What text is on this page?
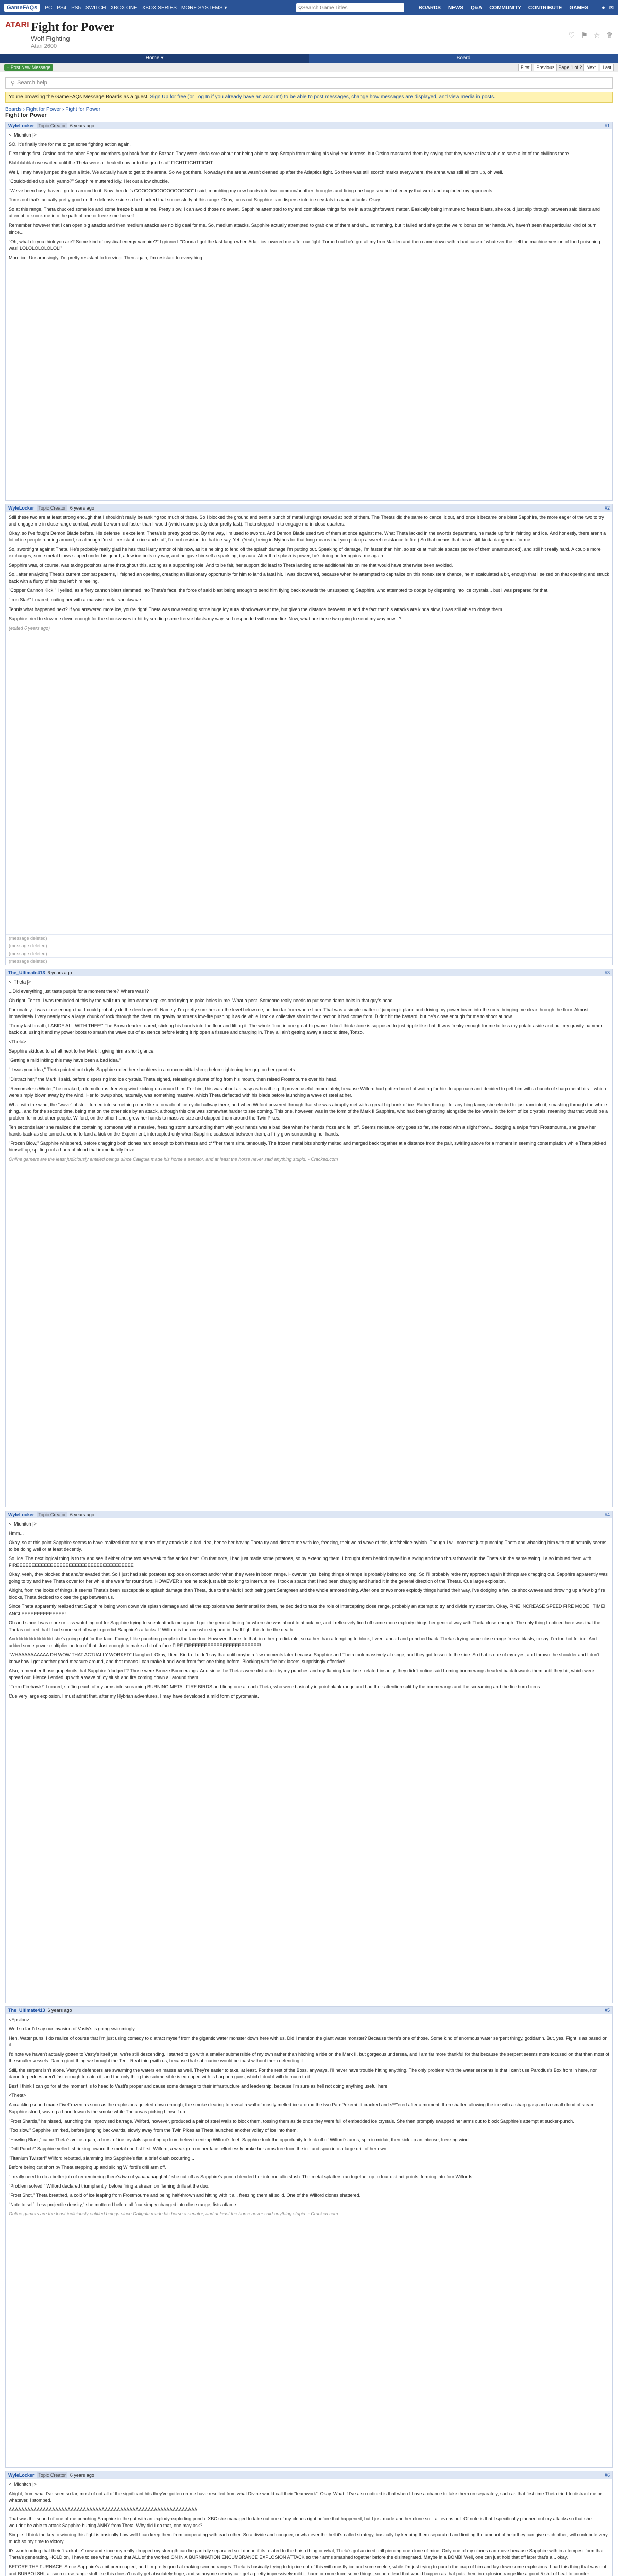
GameFAQs	PC PS4 PS5 SWITCH XBOX ONE XBOX SERIES MORE SYSTEMS ▾	⚲
Search Game Titles	BOARDS NEWS Q&A COMMUNITY CONTRIBUTE GAMES ● ✉
ATARI Fight for Power
Wolf Fighting
Atari 2600
♡ ⚑ ☆ ♛
Home ▾	Board
+ Post New Message	First	Previous Page 1 of 2 Next	Last
⚲ Search help
You're browsing the GameFAQs Message Boards as a guest. Sign Up for free (or Log In if you already have an account) to be able to post messages, change how messages are displayed, and view media in posts.
Boards › Fight for Power › Fight for Power
Fight for Power
WyleLocker Topic Creator 6 years ago	#1

<| Midnitch |>

SO. It's finally time for me to get some fighting action again.

First things first, Orsino and the other Sepad members got back from the Bazaar. They were kinda sore about not being able to stop Seraph from making his vinyl-end fortress, but Orsino reassured them by saying that they were at least able to save a lot of the civilians there.

Blahblahblah we waited until the Theta were all healed now onto the good stuff FIGHTFIGHTFIGHT

Well, I may have jumped the gun a little. We actually have to get to the arena. So we got there. Nowadays the arena wasn't cleaned up after the Adaptics fight. So there was still scorch marks everywhere, the arena was still all torn up, oh well.

"Couldo-tidied up a bit, yanno?" Sapphire muttered idly. I let out a low chuckle.

"We've been busy, haven't gotten around to it. Now then let's GOOOOOOOOOOOOOOO" I said, mumbling my new hands into two common/another throngles and firing one huge sea bolt of energy that went and exploded my opponents.

Turns out that's actually pretty good on the defensive side so he blocked that successfully at this range. Okay, turns out Sapphire can disperse into ice crystals to avoid attacks. Okay.

So at this range, Theta chucked some ice and some freeze blasts at me. Pretty slow; I can avoid those no sweat. Sapphire attempted to try and complicate things for me in a straightforward matter. Basically being immune to freeze blasts, she could just slip through between said blasts and attempt to knock me into the path of one or freeze me herself.

Remember however that I can open big attacks and then medium attacks are no big deal for me. So, medium attacks. Sapphire actually attempted to grab one of them and uh... something, but it failed and she got the weird bonus on her hands. Ah, haven't seen that particular kind of burn since...

"Oh, what do you think you are? Some kind of mystical energy vampire?" I grinned. "Gonna I got the last laugh when Adaptics lowered me after our fight. Turned out he'd got all my Iron Maiden and then came down with a bad case of whatever the hell the machine version of food poisoning was! LOLOLOLOLOLOL!"

More ice. Unsurprisingly, I'm pretty resistant to freezing. Then again, I'm resistant to everything.

WyleLocker Topic Creator 6 years ago	#2

Still these two are at least strong enough that I shouldn't really be tanking too much of those. So I blocked the ground and sent a bunch of metal lungings toward at both of them. The Thetas did the same to cancel it out, and once it became one blast Sapphire, the more eager of the two to try and engage me in close-range combat, would be worn out faster than I would (which came pretty clear pretty fast). Theta stepped in to engage me in close quarters.

Okay, so I've fought Demon Blade before. His defense is excellent. Theta's is pretty good too. By the way, I'm used to swords. And Demon Blade used two of them at once against me. What Theta lacked in the swords department, he made up for in feinting and ice. And honestly, there aren't a lot of ice people running around, so although I'm still resistant to ice and stuff, I'm not resistant to that ice say. Yet. (Yeah, being in Mythos for that long means that you pick up a sweet resistance to fire.) So that means that this is still kinda dangerous for me.

So, swordfight against Theta. He's probably really glad he has that Harry armor of his now, as it's helping to fend off the splash damage I'm putting out. Speaking of damage, I'm faster than him, so strike at multiple spaces (some of them unannounced), and still hit really hard. A couple more exchanges, some metal blows slipped under his guard, a few ice bolts my way, and he gave himself a sparkling, icy aura. After that splash is power, he's doing better against me again.

Sapphire was, of course, was taking potshots at me throughout this, acting as a supporting role. And to be fair, her support did lead to Theta landing some additional hits on me that would have otherwise been avoided.

So...after analyzing Theta's current combat patterns, I feigned an opening, creating an illusionary opportunity for him to land a fatal hit. I was discovered, because when he attempted to capitalize on this nonexistent chance, he miscalculated a bit, enough that I seized on that opening and struck back with a flurry of hits that left him reeling.

"Copper Cannon Kick!" I yelled, as a fiery cannon blast slammed into Theta's face, the force of said blast being enough to send him flying back towards the unsuspecting Sapphire, who attempted to dodge by dispersing into ice crystals... but I was prepared for that.

"Iron Star!" I roared, nailing her with a massive metal shockwave.

Tennis what happened next? If you answered more ice, you're right! Theta was now sending some huge icy aura shockwaves at me, but given the distance between us and the fact that his attacks are kinda slow, I was still able to dodge them.

Sapphire tried to slow me down enough for the shockwaves to hit by sending some freeze blasts my way, so I responded with some fire. Now, what are these two going to send my way now...?

(edited 6 years ago)
(message deleted)
(message deleted)
(message deleted)
(message deleted)
The_Ultimate413 6 years ago	#3

<| Theta |>

...Did everything just taste purple for a moment there? Where was I?

Oh right, Tonzo. I was reminded of this by the wall turning into earthen spikes and trying to poke holes in me. What a pest. Someone really needs to put some damn bolts in that guy's head.

Fortunately, I was close enough that I could probably do the deed myself. Namely, I'm pretty sure he's on the level below me, not too far from where I am. That was a simple matter of jumping it plane and driving my power beam into the rock, bringing me clear through the floor. Almost immediately I very nearly took a large chunk of rock through the chest, my gravity hammer's low-fire pushing it aside while I took a collective shot in the direction it had come from. Didn't hit the bastard, but he's close enough for me to shoot at now.

"To my last breath, I ABIDE ALL WITH THEE!" The Brown leader roared, sticking his hands into the floor and lifting it. The whole floor, in one great big wave. I don't think stone is supposed to just ripple like that. It was freaky enough for me to toss my potato aside and pull my gravity hammer back out, using it and my power boots to smash the wave out of existence before letting it rip open a fissure and charging in. They all ain't getting away a second time, Tonzo.

<Theta>

Sapphire skidded to a halt next to her Mark I, giving him a short glance.

"Getting a mild inkling this may have been a bad idea."

"It was your idea," Theta pointed out dryly. Sapphire rolled her shoulders in a noncommittal shrug before tightening her grip on her gauntlets.

"Distract her," the Mark II said, before dispersing into ice crystals. Theta sighed, releasing a plume of fog from his mouth, then raised Frostmourne over his head.

"Remorseless Winter," he croaked, a tumultuous, freezing wind kicking up around him. For him, this was about as easy as breathing. It proved useful immediately, because Wilford had gotten bored of waiting for him to approach and decided to pelt him with a bunch of sharp metal bits... which were simply blown away by the wind. Her followup shot, naturally, was something massive, which Theta deflected with his blade before launching a wave of steel at her.

What with the wind, the "wave" of steel turned into something more like a tornado of ice cyclic halfway there, and when Wilford powered through that she was abruptly met with a great big hunk of ice. Rather than go for anything fancy, she elected to just ram into it, smashing through the whole thing... and for the second time, being met on the other side by an attack, although this one was somewhat harder to see coming. This one, however, was in the form of the Mark II Sapphire, who had been ghosting alongside the ice wave in the form of ice crystals, meaning that that would be a problem for most other people. Wilford, on the other hand, grew her hands to massive size and clapped them around the Twin Pikes.

Ten seconds later she realized that containing someone with a massive, freezing storm surrounding them with your hands was a bad idea when her hands froze and fell off. Seems moisture only goes so far, she noted with a slight frown... dodging a swipe from Frostmourne, she grew her hands back as she turned around to land a kick on the Experiment, intercepted only when Sapphire coalesced between them, a frilly glow surrounding her hands.

"Frozen Blow," Sapphire whispered, before dragging both clones hard enough to both freeze and c**"her them simultaneously. The frozen metal bits shortly melted and merged back together at a distance from the pair, swirling above for a moment in seeming contemplation while Theta picked himself up, spitting out a hunk of blood that immediately froze.

Online gamers are the least judiciously entitled beings since Caligula made his horse a senator, and at least the horse never said anything stupid. - Cracked.com
WyleLocker Topic Creator 6 years ago	#4

<| Midnitch |>

Hmm...

Okay, so at this point Sapphire seems to have realized that eating more of my attacks is a bad idea, hence her having Theta try and distract me with ice, freezing, their weird wave of this, loafshelldelayblah. Though I will note that just punching Theta and whacking him with stuff actually seems to be doing well or at least decently.

So, ice. The next logical thing is to try and see if either of the two are weak to fire and/or heat. On that note, I had just made some potatoes, so by extending them, I brought them behind myself in a swing and then thrust forward in the Theta's in the same swing. I also imbued them with FIREEEEEEEEEEEEEEEEEEEEEEEEEEEEEEEEEEEEEE

Okay, yeah, they blocked that and/or evaded that. So I just had said potatoes explode on contact and/or when they were in boom range. However, yes, being things of range is probably being too long. So I'll probably retire my approach again if things are dragging out. Sapphire apparently was going to try and have Theta cover for her while she went for round two. HOWEVER since he took just a bit too long to interrupt me, I took a space that I had been charging and hurled it in the general direction of the Thetas. Cue large explosion.

Alright, from the looks of things, it seems Theta's been susceptible to splash damage than Theta, due to the Mark I both being part Sentgreen and the whole armored thing. After one or two more explody things hurled their way, I've dodging a few ice shockwaves and throwing up a few big fire blocks, Theta decided to close the gap between us.

Since Theta apparently realized that Sapphire being worn down via splash damage and all the explosions was detrimental for them, he decided to take the role of intercepting close range, probably an attempt to try and divide my attention. Okay, FINE INCREASE SPEED FIRE MODE I TIME! ANGLEEEEEEEEEEEEEE!

Oh and since I was more or less watching out for Sapphire trying to sneak attack me again, I got the general timing for when she was about to attack me, and I reflexively fired off some more explody things her general way with Theta close enough. The only thing I noticed here was that the Thetas noticed that I had some sort of way to predict Sapphire's attacks. If Wilford is the one who stepped in, I will fight this to be the death.

Anddddddddddddddd she's going right for the face. Funny, I like punching people in the face too. However, thanks to that, in other predictable, so rather than attempting to block, I went ahead and punched back. Theta's trying some close range freeze blasts, to say. I'm too hot for ice. And added some power multiplier on top of that. Just enough to make a bit of a face FIRE FIREEEEEEEEEEEEEEEEEEEEEE!

"WHAAAAAAAAAA DH WOW THAT ACTUALLY WORKED" I laughed. Okay, I lied. Kinda. I didn't say that until maybe a few moments later because Sapphire and Theta took massively at range, and they got tossed to the side. So that is one of my eyes, and thrown the shoulder and I don't know how I got another good measure around, and that means I can make it and went from fast one thing before. Blocking with fire box lasers, surprisingly effective!

Also, remember those grapefruits that Sapphire "dodged"? Those were Bronze Boomerangs. And since the Thetas were distracted by my punches and my flaming face laser related insanity, they didn't notice said homing boomerangs headed back towards them until they hit, which were spread out. Hence I ended up with a wave of icy slush and fire coming down all around them.

"Ferro Firehawk!" I roared, shifting each of my arms into screaming BURNING METAL FIRE BIRDS and firing one at each Theta, who were basically in point-blank range and had their attention split by the boomerangs and the screaming and the fire burn burns.

Cue very large explosion. I must admit that, after my Hybrian adventures, I may have developed a mild form of pyromania.

The_Ultimate413 6 years ago	#5

<Epsilon>

Well so far I'd say our invasion of Vasty's is going swimmingly.

Heh. Water puns. I do realize of course that I'm just using comedy to distract myself from the gigantic water monster down here with us. Did I mention the giant water monster? Because there's one of those. Some kind of enormous water serpent thingy, goddamn. But, yes. Fight is as based on it.

I'd note we haven't actually gotten to Vasty's itself yet, we're still descending. I started to go with a smaller submersible of my own rather than hitching a ride on the Mark II, but gorgeous undersea, and I am far more thankful for that because the serpent seems more focused on that than most of the smaller vessels. Damn giant thing we brought the Tent. Real thing with us, because that submarine would be toast without them defending it.

Still, the serpent isn't alone. Vasty's defenders are swarming the waters en masse as well. They're easier to take, at least. For the rest of the Boss, anyways, I'll never have trouble hitting anything. The only problem with the water serpents is that I can't use Parodius's Box from in here, nor damn torpedoes aren't fast enough to catch it, and the only thing this submersible is equipped with is harpoon guns, which I doubt will do much to it.

Best I think I can go for at the moment is to head to Vasti's proper and cause some damage to their infrastructure and leadership, because I'm sure as hell not doing anything useful here.

<Theta>

A crackling sound made FiveFrozen as soon as the explosions quieted down enough, the smoke clearing to reveal a wall of mostly melted ice around the two Pan-Pokemi. It cracked and s**"ered after a moment, then shatter, allowing the ice with a sharp gasp and a small cloud of steam. Sapphire stood, waving a hand towards the smoke while Theta was picking himself up.

"Frost Shards," he hissed, launching the improvised barrage. Wilford, however, produced a pair of steel walls to block them, tossing them aside once they were full of embedded ice crystals. She then promptly swapped her arms out to block Sapphire's attempt at sucker-punch.

"Too slow." Sapphire smirked, before jumping backwards, slowly away from the Twin Pikes as Theta launched another volley of ice into them.

"Howling Blast," came Theta's voice again, a burst of ice crystals sprouting up from below to entrap Wilford's feet. Sapphire took the opportunity to kick off of Wilford's arms, spin in midair, then kick up an intense, freezing wind.

"Drill Punch!" Sapphire yelled, shrieking toward the metal one fist first. Wilford, a weak grin on her face, effortlessly broke her arms free from the ice and spun into a large drill of her own.

"Titanium Twister!" Wilford rebutted, slamming into Sapphire's fist, a brief clash occurring...

Before being cut short by Theta stepping up and slicing Wilford's drill arm off.

"I really need to do a better job of remembering there's two of yaaaaaaagghhh" she cut off as Sapphire's punch blended her into metallic slush. The metal splatters ran together up to four distinct points, forming into four Wilfords.

"Problem solved!" Wilford declared triumphantly, before firing a stream on flaming drills at the duo.

"Frost Shot," Theta breathed, a cold of ice leaping from Frostmourne and being half-thrown and hitting with it all, freezing them all solid. One of the Wilford clones shattered.

"Note to self: Less projectile density," she muttered before all four simply changed into close range, fists aflame.

Online gamers are the least judiciously entitled beings since Caligula made his horse a senator, and at least the horse never said anything stupid. - Cracked.com
WyleLocker Topic Creator 6 years ago	#6

<| Midnitch |>

Alright, from what I've seen so far, most of not all of the significant hits they've gotten on me have resulted from what Divine would call their "teamwork". Okay. What if I've also noticed is that when I have a chance to take them on separately, such as that first time Theta tried to distract me or whatever, I stomped.

AAAAAAAAAAAAAAAAAAAAAAAAAAAAAAAAAAAAAAAAAAAAAAAAAAAAAAAAAAAAA

That was the sound of one of me punching Sapphire in the gut with an explody-exploding punch. XBC she managed to take out one of my clones right before that happened, but I just made another clone so it all evens out. Of note is that I specifically planned out my attacks so that she wouldn't be able to attack Sapphire hurting ANNY from Theta. Why did I do that, one may ask?

Simple. I think the key to winning this fight is basically how well I can keep them from cooperating with each other. So a divide and conquer, or whatever the hell it's called strategy, basically by keeping them separated and limiting the amount of help they can give each other, will contribute very much so my time to victory.

It's worth noting that their "trackable" now and since my really dropped my strength can be partially separated so I dunno if its related to the hp/sp thing or what, Theta's got an iced drill piercing one clone of mine. Only one of my clones can move because Sapphire with in a tempest form that Theta's generating, HOLD on, I have to see what it was that ALL of the worked ON IN A BURNINATION ENCUMBRANCE EXPLOSION ATTACK so their arms smashed together before the disintegrated. Maybe in a BOMB! Well, one can just hold that off later that's a... okay.

BEFORE THE FURNACE. Since Sapphire's a bit preoccupied, and I'm pretty good at making second ranges. Theta is basically trying to trip ice out of this with mostly ice and some melee, while I'm just trying to punch the crap of him and lay down some explosions. I had this thing that was out and BURBOI SHI. at such close range stuff like this doesn't really get absolutely huge, and so anyone nearby can get a pretty impressively mild ill harm or more from some things, so here lead that would happen as that puts them in explosion range like a good 5 shit of heat to counter.
